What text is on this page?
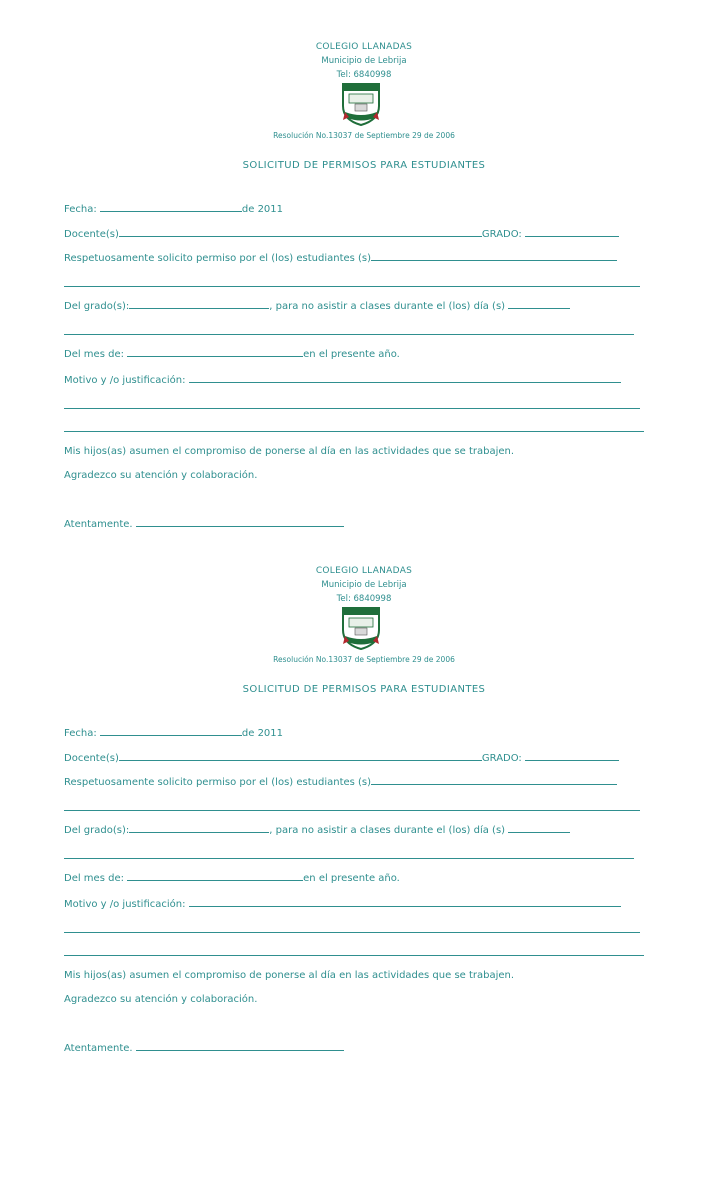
COLEGIO LLANADAS
Municipio de Lebrija
Tel: 6840998
Resolución No.13037 de Septiembre 29 de 2006
SOLICITUD DE PERMISOS PARA ESTUDIANTES
Fecha:	de 2011
Docente(s)	GRADO:
Respetuosamente solicito permiso por el (los) estudiantes (s)
Del grado(s):	, para no asistir a clases durante el (los) día (s)
Del mes de:	en el presente año.
Motivo y /o justificación:
Mis hijos(as) asumen el compromiso de ponerse al día en las actividades que se trabajen.
Agradezco su atención y colaboración.
Atentamente.
COLEGIO LLANADAS
Municipio de Lebrija
Tel: 6840998
Resolución No.13037 de Septiembre 29 de 2006
SOLICITUD DE PERMISOS PARA ESTUDIANTES
Fecha:	de 2011
Docente(s)	GRADO:
Respetuosamente solicito permiso por el (los) estudiantes (s)
Del grado(s):	, para no asistir a clases durante el (los) día (s)
Del mes de:	en el presente año.
Motivo y /o justificación:
Mis hijos(as) asumen el compromiso de ponerse al día en las actividades que se trabajen.
Agradezco su atención y colaboración.
Atentamente.
